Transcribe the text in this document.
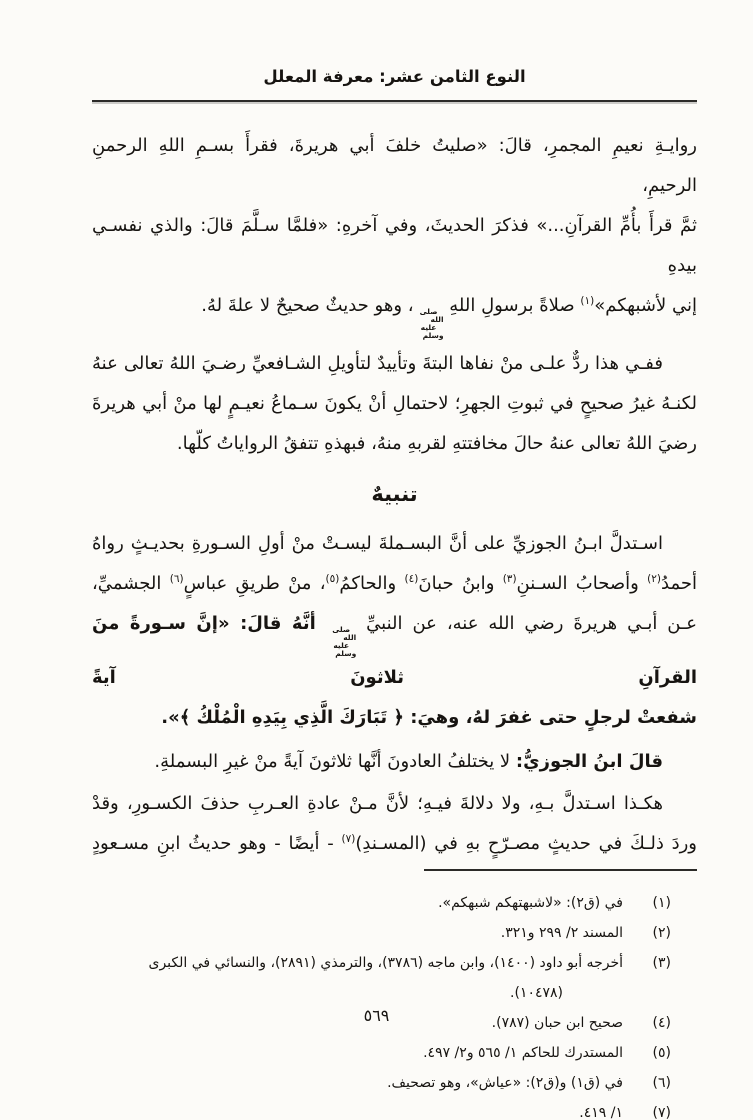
النوع الثامن عشر: معرفة المعلل
روايـةِ نعيمِ المجمرِ، قالَ: «صليتُ خلفَ أبي هريرةَ، فقرأَ بسـمِ اللهِ الرحمنِ الرحيمِ،
ثمَّ قرأَ بأُمِّ القرآنِ...» فذكرَ الحديثَ، وفي آخرهِ: «فلمَّا سـلَّمَ قالَ: والذي نفسـي بيدهِ
إني لأشبهكم»$^{(١)}$ صلاةً برسولِ اللهِ
صلى الله
عليه وسلم
، وهو حديثٌ صحيحٌ لا علةَ لهُ.
ففـي هذا ردٌّ علـى منْ نفاها البتةَ وتأييدٌ لتأويلِ الشـافعيِّ رضـيَ اللهُ تعالى عنهُ
لكنـهُ غيرُ صحيحٍ في ثبوتِ الجهرِ؛ لاحتمالِ أنْ يكونَ سـماعُ نعيـمٍ لها منْ أبي هريرةَ
رضيَ اللهُ تعالى عنهُ حالَ مخافتتهِ لقربهِ منهُ، فبهذهِ تتفقُ الرواياتُ كلّها.
تنبيهٌ
اسـتدلَّ ابـنُ الجوزيِّ على أنَّ البسـملةَ ليسـتْ منْ أولِ السـورةِ بحديـثٍ رواهُ
أحمدُ$^{(٢)}$ وأصحابُ السـننِ$^{(٣)}$ وابنُ حبانَ$^{(٤)}$ والحاكمُ$^{(٥)}$، منْ طريقِ عباسٍ$^{(٦)}$ الجشميِّ،
عـن أبـي هريرةَ رضي الله عنه، عن النبيِّ
صلى الله
عليه وسلم
أنَّهُ قالَ: «إنَّ سـورةً منَ القرآنِ ثلاثونَ آيةً
شفعتْ لرجلٍ حتى غفرَ لهُ، وهيَ: ﴿ تَبَارَكَ الَّذِي بِيَدِهِ الْمُلْكُ ﴾».
قالَ ابنُ الجوزيُّ: لا يختلفُ العادونَ أنَّها ثلاثونَ آيةً منْ غيرِ البسملةِ.
هكـذا اسـتدلَّ بـهِ، ولا دلالةَ فيـهِ؛ لأنَّ مـنْ عادةِ العـربِ حذفَ الكسـورِ، وقدْ
وردَ ذلـكَ في حديثٍ مصـرّحٍ بهِ في (المسـندِ)$^{(٧)}$ - أيضًا - وهو حديثُ ابنِ مسـعودٍ
(١)
في (ق٢): «لاشبهتهكم شبهكم».
(٢)
المسند ٢/ ٢٩٩ و٣٢١.
(٣)
أخرجه أبو داود (١٤٠٠)، وابن ماجه (٣٧٨٦)، والترمذي (٢٨٩١)، والنسائي في الكبرى
(١٠٤٧٨).
(٤)
صحيح ابن حبان (٧٨٧).
(٥)
المستدرك للحاكم ١/ ٥٦٥ و٢/ ٤٩٧.
(٦)
في (ق١) و(ق٢): «عياش»، وهو تصحيف.
(٧)
١/ ٤١٩.
٥٦٩
